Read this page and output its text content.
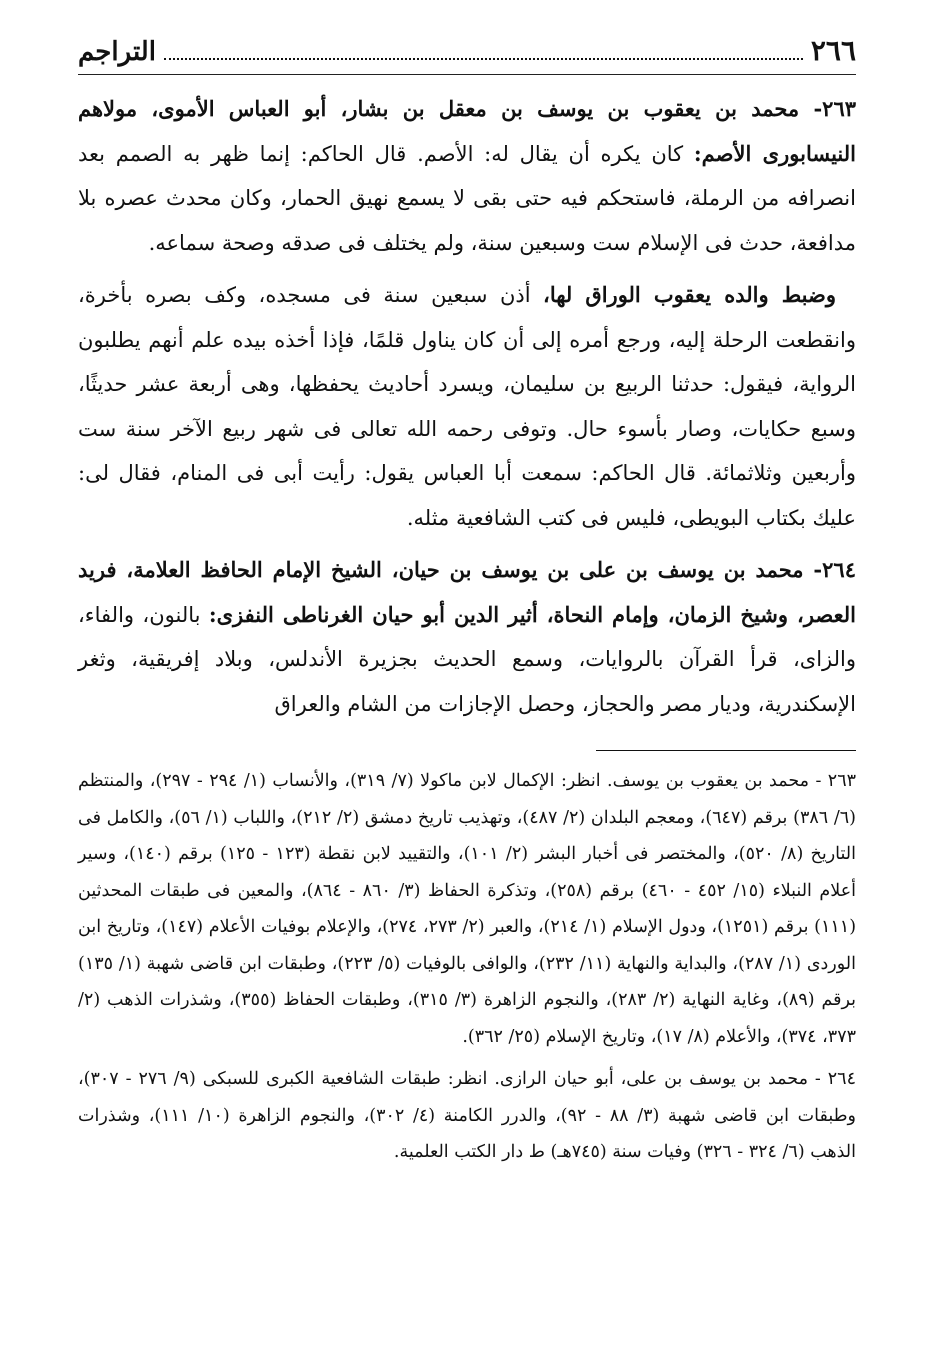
٢٦٦
التراجم

٢٦٣- محمد بن يعقوب بن يوسف بن معقل بن بشار، أبو العباس الأموى، مولاهم النيسابورى الأصم: كان يكره أن يقال له: الأصم. قال الحاكم: إنما ظهر به الصمم بعد انصرافه من الرملة، فاستحكم فيه حتى بقى لا يسمع نهيق الحمار، وكان محدث عصره بلا مدافعة، حدث فى الإسلام ست وسبعين سنة، ولم يختلف فى صدقه وصحة سماعه.

وضبط والده يعقوب الوراق لها، أذن سبعين سنة فى مسجده، وكف بصره بأخرة، وانقطعت الرحلة إليه، ورجع أمره إلى أن كان يناول قلمًا، فإذا أخذه بيده علم أنهم يطلبون الرواية، فيقول: حدثنا الربيع بن سليمان، ويسرد أحاديث يحفظها، وهى أربعة عشر حديثًا، وسبع حكايات، وصار بأسوء حال. وتوفى رحمه الله تعالى فى شهر ربيع الآخر سنة ست وأربعين وثلاثمائة. قال الحاكم: سمعت أبا العباس يقول: رأيت أبى فى المنام، فقال لى: عليك بكتاب البويطى، فليس فى كتب الشافعية مثله.

٢٦٤- محمد بن يوسف بن على بن يوسف بن حيان، الشيخ الإمام الحافظ العلامة، فريد العصر، وشيخ الزمان، وإمام النحاة، أثير الدين أبو حيان الغرناطى النفزى: بالنون، والفاء، والزاى، قرأ القرآن بالروايات، وسمع الحديث بجزيرة الأندلس، وبلاد إفريقية، وثغر الإسكندرية، وديار مصر والحجاز، وحصل الإجازات من الشام والعراق

٢٦٣ - محمد بن يعقوب بن يوسف. انظر: الإكمال لابن ماكولا (٧/ ٣١٩)، والأنساب (١/ ٢٩٤ - ٢٩٧)، والمنتظم (٦/ ٣٨٦) برقم (٦٤٧)، ومعجم البلدان (٢/ ٤٨٧)، وتهذيب تاريخ دمشق (٢/ ٢١٢)، واللباب (١/ ٥٦)، والكامل فى التاريخ (٨/ ٥٢٠)، والمختصر فى أخبار البشر (٢/ ١٠١)، والتقييد لابن نقطة (١٢٣ - ١٢٥) برقم (١٤٠)، وسير أعلام النبلاء (١٥/ ٤٥٢ - ٤٦٠) برقم (٢٥٨)، وتذكرة الحفاظ (٣/ ٨٦٠ - ٨٦٤)، والمعين فى طبقات المحدثين (١١١) برقم (١٢٥١)، ودول الإسلام (١/ ٢١٤)، والعبر (٢/ ٢٧٣، ٢٧٤)، والإعلام بوفيات الأعلام (١٤٧)، وتاريخ ابن الوردى (١/ ٢٨٧)، والبداية والنهاية (١١/ ٢٣٢)، والوافى بالوفيات (٥/ ٢٢٣)، وطبقات ابن قاضى شهبة (١/ ١٣٥) برقم (٨٩)، وغاية النهاية (٢/ ٢٨٣)، والنجوم الزاهرة (٣/ ٣١٥)، وطبقات الحفاظ (٣٥٥)، وشذرات الذهب (٢/ ٣٧٣، ٣٧٤)، والأعلام (٨/ ١٧)، وتاريخ الإسلام (٢٥/ ٣٦٢).

٢٦٤ - محمد بن يوسف بن على، أبو حيان الرازى. انظر: طبقات الشافعية الكبرى للسبكى (٩/ ٢٧٦ - ٣٠٧)، وطبقات ابن قاضى شهبة (٣/ ٨٨ - ٩٢)، والدرر الكامنة (٤/ ٣٠٢)، والنجوم الزاهرة (١٠/ ١١١)، وشذرات الذهب (٦/ ٣٢٤ - ٣٢٦) وفيات سنة (٧٤٥هـ) ط دار الكتب العلمية.
